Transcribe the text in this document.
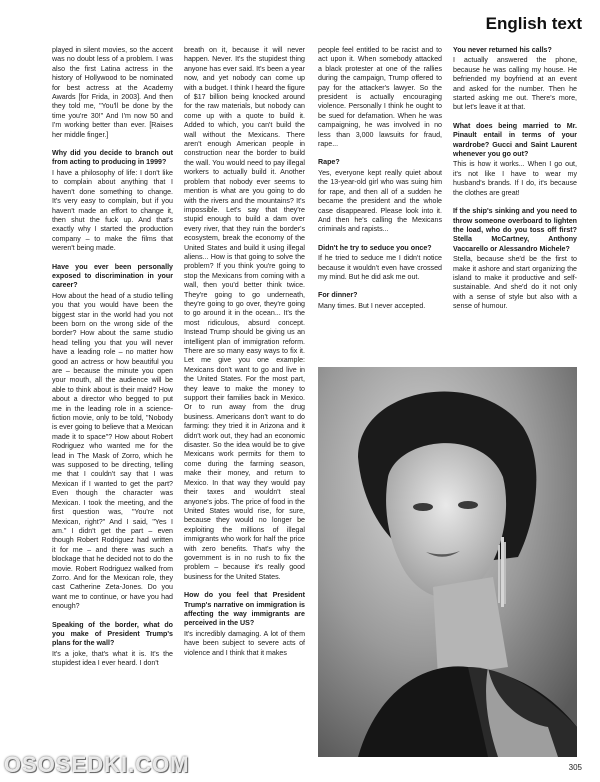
English text

played in silent movies, so the accent was no doubt less of a problem. I was also the first Latina actress in the history of Hollywood to be nominated for best actress at the Academy Awards [for Frida, in 2003]. And then they told me, "You'll be done by the time you're 30!" And I'm now 50 and I'm working better than ever. [Raises her middle finger.]

Why did you decide to branch out from acting to producing in 1999?

I have a philosophy of life: I don't like to complain about anything that I haven't done something to change. It's very easy to complain, but if you haven't made an effort to change it, then shut the fuck up. And that's exactly why I started the production company – to make the films that weren't being made.

Have you ever been personally exposed to discrimination in your career?

How about the head of a studio telling you that you would have been the biggest star in the world had you not been born on the wrong side of the border? How about the same studio head telling you that you will never have a leading role – no matter how good an actress or how beautiful you are – because the minute you open your mouth, all the audience will be able to think about is their maid? How about a director who begged to put me in the leading role in a science-fiction movie, only to be told, "Nobody is ever going to believe that a Mexican made it to space"? How about Robert Rodriguez who wanted me for the lead in The Mask of Zorro, which he was supposed to be directing, telling me that I couldn't say that I was Mexican if I wanted to get the part? Even though the character was Mexican. I took the meeting, and the first question was, "You're not Mexican, right?" And I said, "Yes I am." I didn't get the part – even though Robert Rodriguez had written it for me – and there was such a blockage that he decided not to do the movie. Robert Rodriguez walked from Zorro. And for the Mexican role, they cast Catherine Zeta-Jones. Do you want me to continue, or have you had enough?

Speaking of the border, what do you make of President Trump's plans for the wall?

It's a joke, that's what it is. It's the stupidest idea I ever heard. I don't

breath on it, because it will never happen. Never. It's the stupidest thing anyone has ever said. It's been a year now, and yet nobody can come up with a budget. I think I heard the figure of $17 billion being knocked around for the raw materials, but nobody can come up with a quote to build it. Added to which, you can't build the wall without the Mexicans. There aren't enough American people in construction near the border to build the wall. You would need to pay illegal workers to actually build it. Another problem that nobody ever seems to mention is what are you going to do with the rivers and the mountains? It's impossible. Let's say that they're stupid enough to build a dam over every river, that they ruin the border's ecosystem, break the economy of the United States and build it using illegal aliens... How is that going to solve the problem? If you think you're going to stop the Mexicans from coming with a wall, then you'd better think twice. They're going to go underneath, they're going to go over, they're going to go around it in the ocean... It's the most ridiculous, absurd concept. Instead Trump should be giving us an intelligent plan of immigration reform. There are so many easy ways to fix it. Let me give you one example: Mexicans don't want to go and live in the United States. For the most part, they leave to make the money to support their families back in Mexico. Or to run away from the drug business. Americans don't want to do farming: they tried it in Arizona and it didn't work out, they had an economic disaster. So the idea would be to give Mexicans work permits for them to come during the farming season, make their money, and return to Mexico. In that way they would pay their taxes and wouldn't steal anyone's jobs. The price of food in the United States would rise, for sure, because they would no longer be exploiting the millions of illegal immigrants who work for half the price with zero benefits. That's why the government is in no rush to fix the problem – because it's really good business for the United States.

How do you feel that President Trump's narrative on immigration is affecting the way immigrants are perceived in the US?

It's incredibly damaging. A lot of them have been subject to severe acts of violence and I think that it makes

people feel entitled to be racist and to act upon it. When somebody attacked a black protester at one of the rallies during the campaign, Trump offered to pay for the attacker's lawyer. So the president is actually encouraging violence. Personally I think he ought to be sued for defamation. When he was campaigning, he was involved in no less than 3,000 lawsuits for fraud, rape...

Rape?

Yes, everyone kept really quiet about the 13-year-old girl who was suing him for rape, and then all of a sudden he became the president and the whole case disappeared. Please look into it. And then he's calling the Mexicans criminals and rapists...

Didn't he try to seduce you once?

If he tried to seduce me I didn't notice because it wouldn't even have crossed my mind. But he did ask me out.

For dinner?

Many times. But I never accepted.

You never returned his calls?

I actually answered the phone, because he was calling my house. He befriended my boyfriend at an event and asked for the number. Then he started asking me out. There's more, but let's leave it at that.

What does being married to Mr. Pinault entail in terms of your wardrobe? Gucci and Saint Laurent whenever you go out?

This is how it works... When I go out, it's not like I have to wear my husband's brands. If I do, it's because the clothes are great!

If the ship's sinking and you need to throw someone overboard to lighten the load, who do you toss off first? Stella McCartney, Anthony Vaccarello or Alessandro Michele?

Stella, because she'd be the first to make it ashore and start organizing the island to make it productive and self-sustainable. And she'd do it not only with a sense of style but also with a sense of humour.

305
OSOSEDKI.COM
